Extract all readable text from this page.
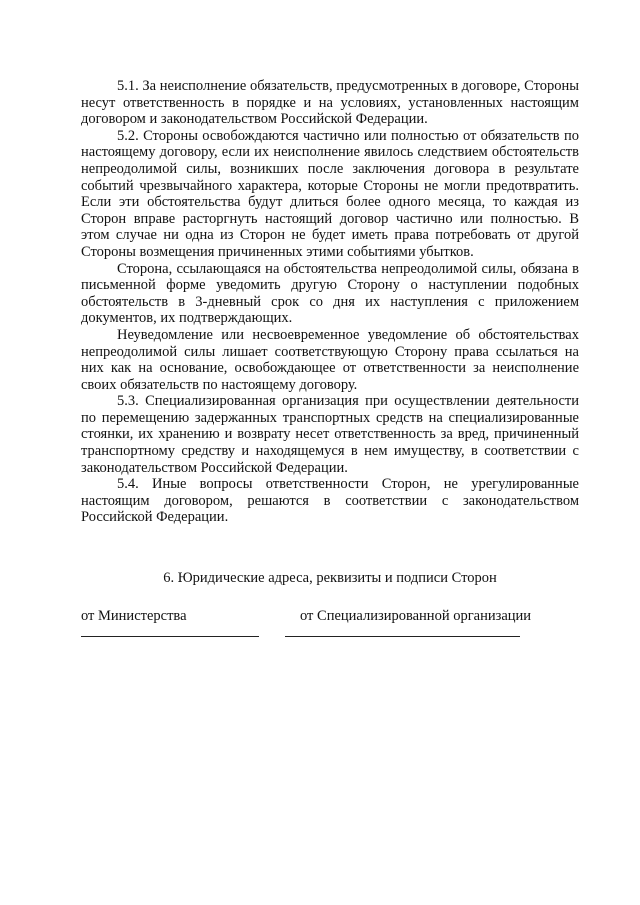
5.1. За неисполнение обязательств, предусмотренных в договоре, Стороны несут ответственность в порядке и на условиях, установленных настоящим договором и законодательством Российской Федерации.

5.2. Стороны освобождаются частично или полностью от обязательств по настоящему договору, если их неисполнение явилось следствием обстоятельств непреодолимой силы, возникших после заключения договора в результате событий чрезвычайного характера, которые Стороны не могли предотвратить. Если эти обстоятельства будут длиться более одного месяца, то каждая из Сторон вправе расторгнуть настоящий договор частично или полностью. В этом случае ни одна из Сторон не будет иметь права потребовать от другой Стороны возмещения причиненных этими событиями убытков.

Сторона, ссылающаяся на обстоятельства непреодолимой силы, обязана в письменной форме уведомить другую Сторону о наступлении подобных обстоятельств в 3-дневный срок со дня их наступления с приложением документов, их подтверждающих.

Неуведомление или несвоевременное уведомление об обстоятельствах непреодолимой силы лишает соответствующую Сторону права ссылаться на них как на основание, освобождающее от ответственности за неисполнение своих обязательств по настоящему договору.

5.3. Специализированная организация при осуществлении деятельности по перемещению задержанных транспортных средств на специализированные стоянки, их хранению и возврату несет ответственность за вред, причиненный транспортному средству и находящемуся в нем имуществу, в соответствии с законодательством Российской Федерации.

5.4. Иные вопросы ответственности Сторон, не урегулированные настоящим договором, решаются в соответствии с законодательством Российской Федерации.

6. Юридические адреса, реквизиты и подписи Сторон
от Министерства	от Специализированной организации
